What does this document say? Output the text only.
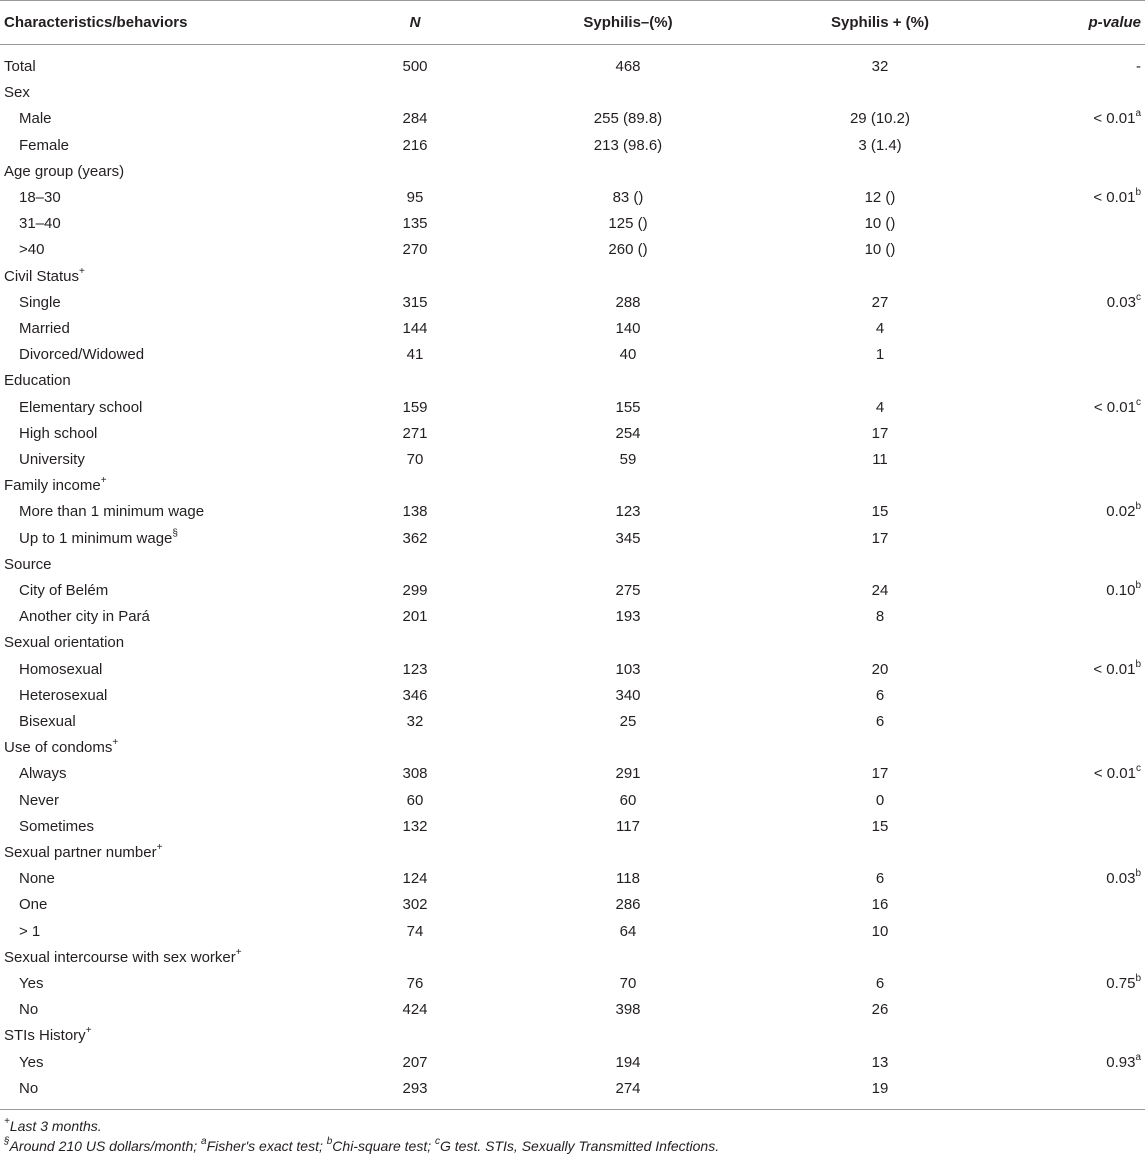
Characteristics/behaviors	N	Syphilis–(%)	Syphilis + (%)	p-value
Total	500	468	32	-
Sex
Male	284	255 (89.8)	29 (10.2)	< 0.01$^a$
Female	216	213 (98.6)	3 (1.4)
Age group (years)
18–30	95	83 ()	12 ()	< 0.01$^b$
31–40	135	125 ()	10 ()
>40	270	260 ()	10 ()
Civil Status+
Single	315	288	27	0.03$^c$
Married	144	140	4
Divorced/Widowed	41	40	1
Education
Elementary school	159	155	4	< 0.01$^c$
High school	271	254	17
University	70	59	11
Family income+
More than 1 minimum wage	138	123	15	0.02$^b$
Up to 1 minimum wage§	362	345	17
Source
City of Belém	299	275	24	0.10$^b$
Another city in Pará	201	193	8
Sexual orientation
Homosexual	123	103	20	< 0.01$^b$
Heterosexual	346	340	6
Bisexual	32	25	6
Use of condoms+
Always	308	291	17	< 0.01$^c$
Never	60	60	0
Sometimes	132	117	15
Sexual partner number+
None	124	118	6	0.03$^b$
One	302	286	16
> 1	74	64	10
Sexual intercourse with sex worker+
Yes	76	70	6	0.75$^b$
No	424	398	26
STIs History+
Yes	207	194	13	0.93$^a$
No	293	274	19
+Last 3 months.
§Around 210 US dollars/month; $^a$Fisher's exact test; $^b$Chi-square test; $^c$G test. STIs, Sexually Transmitted Infections.
